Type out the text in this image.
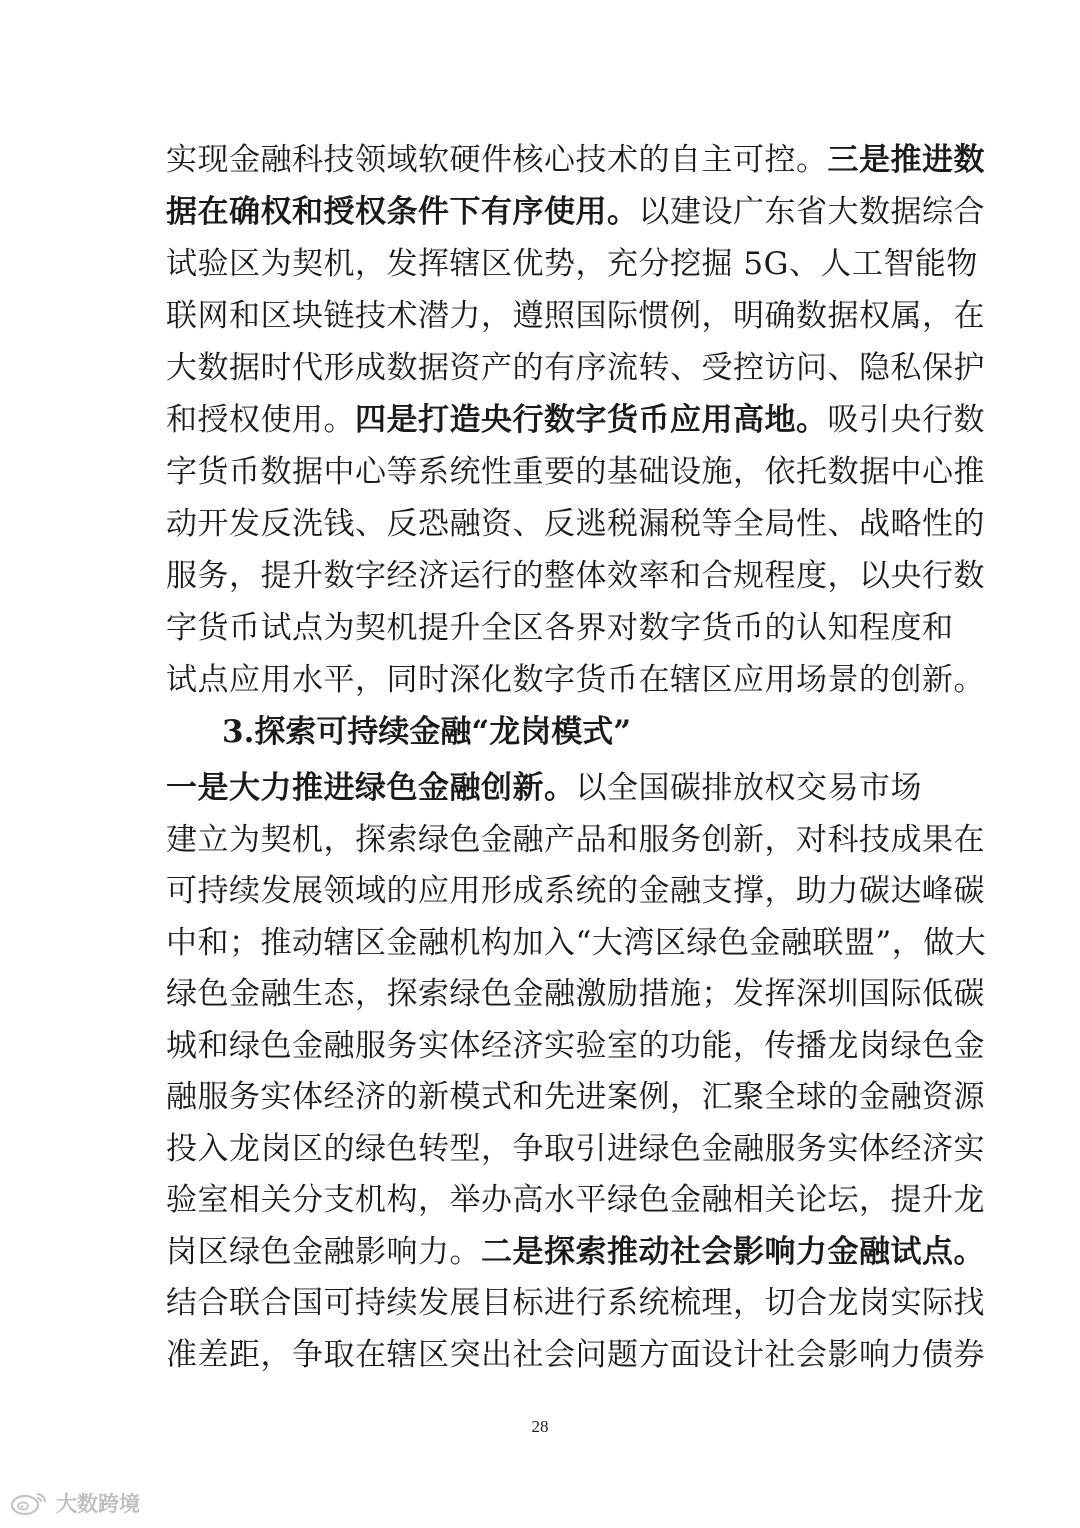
实现金融科技领域软硬件核心技术的自主可控。三是推进数
据在确权和授权条件下有序使用。以建设广东省大数据综合
试验区为契机，发挥辖区优势，充分挖掘 5G、人工智能物
联网和区块链技术潜力，遵照国际惯例，明确数据权属，在
大数据时代形成数据资产的有序流转、受控访问、隐私保护
和授权使用。四是打造央行数字货币应用高地。吸引央行数
字货币数据中心等系统性重要的基础设施，依托数据中心推
动开发反洗钱、反恐融资、反逃税漏税等全局性、战略性的
服务，提升数字经济运行的整体效率和合规程度，以央行数
字货币试点为契机提升全区各界对数字货币的认知程度和
试点应用水平，同时深化数字货币在辖区应用场景的创新。
3.探索可持续金融“龙岗模式”
一是大力推进绿色金融创新。以全国碳排放权交易市场
建立为契机，探索绿色金融产品和服务创新，对科技成果在
可持续发展领域的应用形成系统的金融支撑，助力碳达峰碳
中和；推动辖区金融机构加入“大湾区绿色金融联盟”，做大
绿色金融生态，探索绿色金融激励措施；发挥深圳国际低碳
城和绿色金融服务实体经济实验室的功能，传播龙岗绿色金
融服务实体经济的新模式和先进案例，汇聚全球的金融资源
投入龙岗区的绿色转型，争取引进绿色金融服务实体经济实
验室相关分支机构，举办高水平绿色金融相关论坛，提升龙
岗区绿色金融影响力。二是探索推动社会影响力金融试点。
结合联合国可持续发展目标进行系统梳理，切合龙岗实际找
准差距，争取在辖区突出社会问题方面设计社会影响力债券
28
大数跨境
